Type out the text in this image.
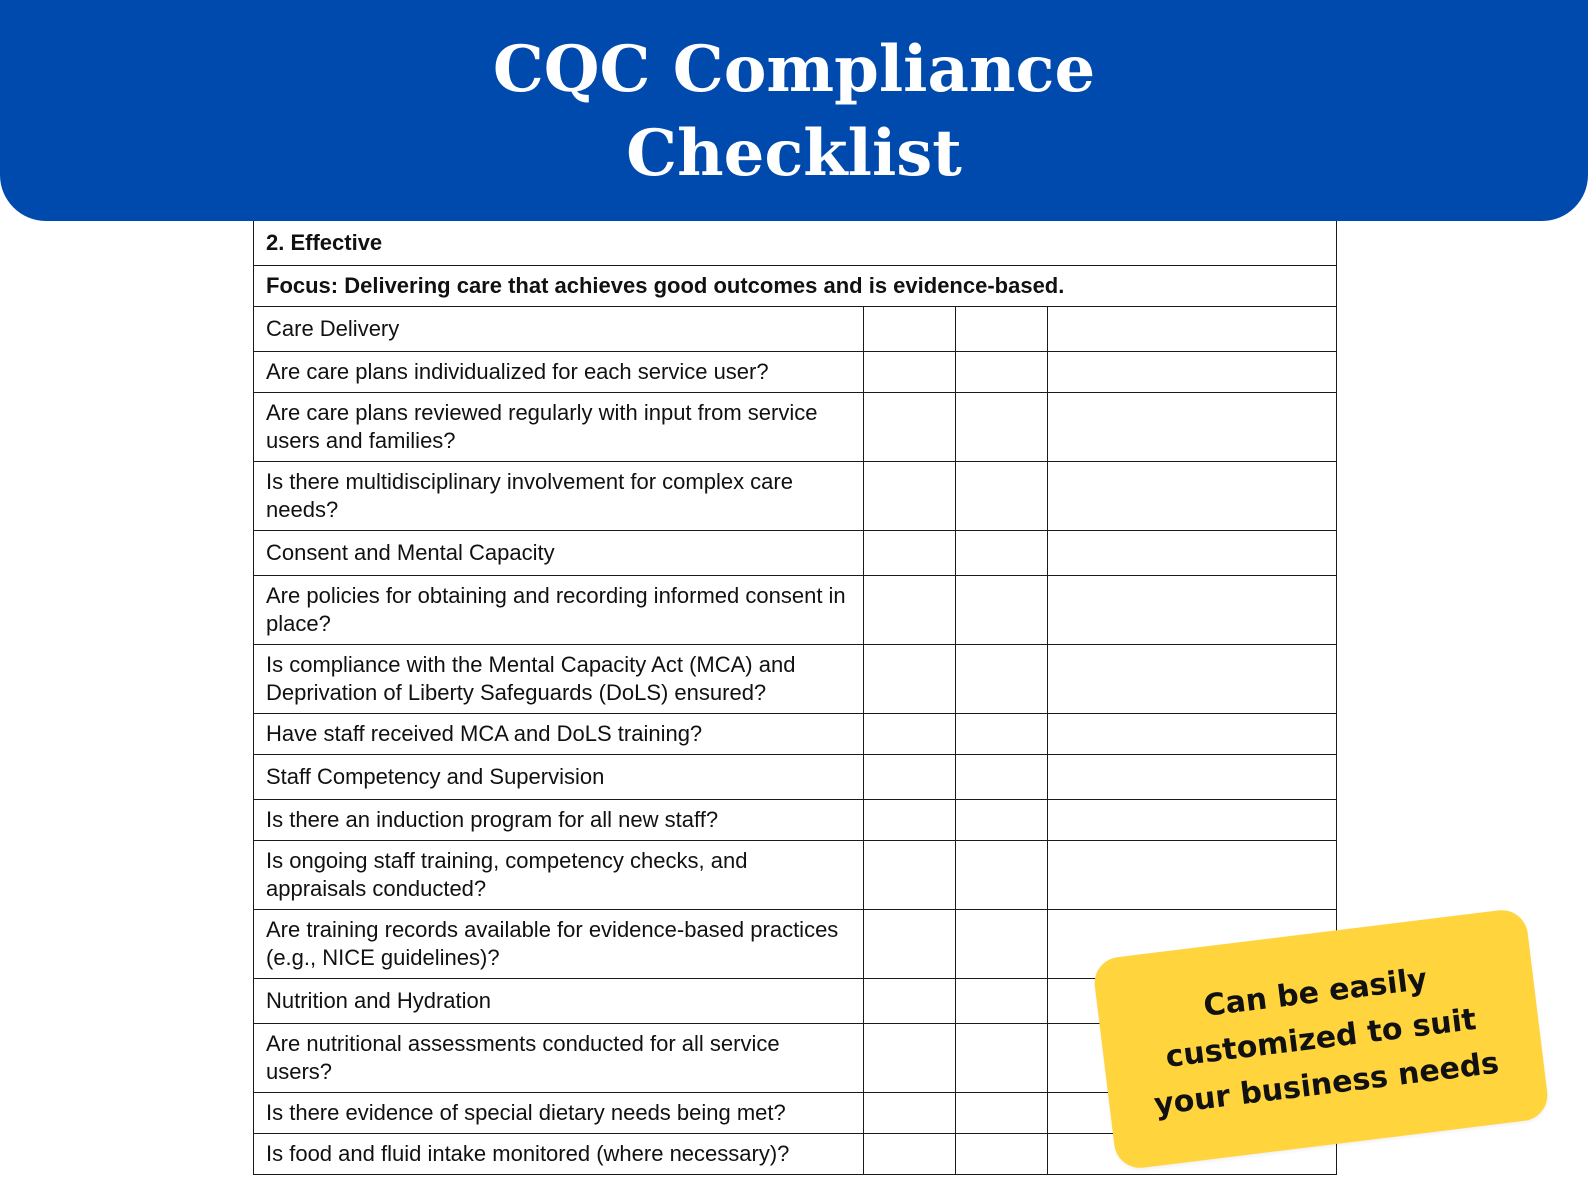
CQC Compliance
Checklist

2. Effective			
Focus: Delivering care that achieves good outcomes and is evidence-based.			
Care Delivery			
Are care plans individualized for each service user?			
Are care plans reviewed regularly with input from service users and families?			
Is there multidisciplinary involvement for complex care needs?			
Consent and Mental Capacity			
Are policies for obtaining and recording informed consent in place?			
Is compliance with the Mental Capacity Act (MCA) and Deprivation of Liberty Safeguards (DoLS) ensured?			
Have staff received MCA and DoLS training?			
Staff Competency and Supervision			
Is there an induction program for all new staff?			
Is ongoing staff training, competency checks, and appraisals conducted?			
Are training records available for evidence-based practices (e.g., NICE guidelines)?			
Nutrition and Hydration			
Are nutritional assessments conducted for all service users?			
Is there evidence of special dietary needs being met?			
Is food and fluid intake monitored (where necessary)?			

Can be easily customized to suit your business needs
